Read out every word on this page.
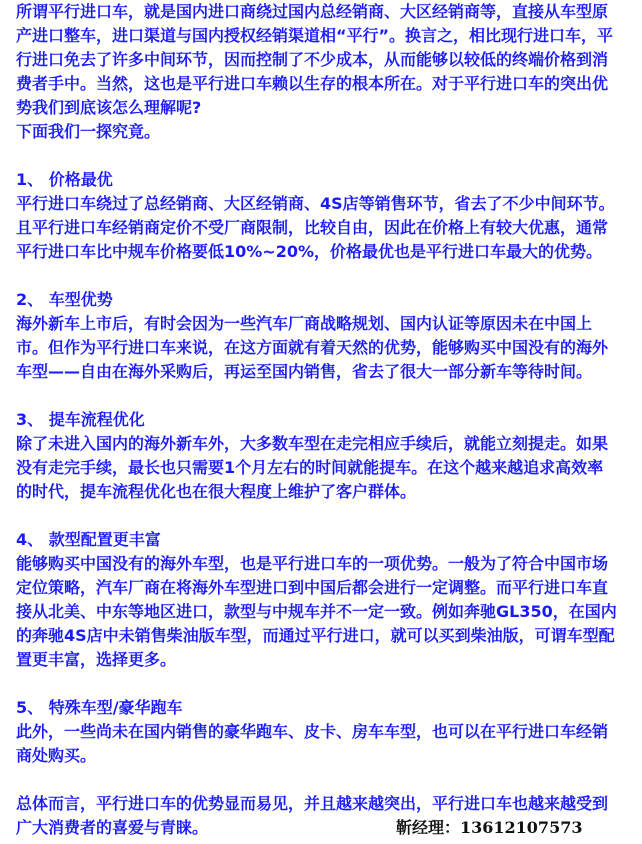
所谓平行进口车，就是国内进口商绕过国内总经销商、大区经销商等，直接从车型原
产进口整车，进口渠道与国内授权经销渠道相“平行”。换言之，相比现行进口车，平
行进口免去了许多中间环节，因而控制了不少成本，从而能够以较低的终端价格到消
费者手中。当然，这也是平行进口车赖以生存的根本所在。对于平行进口车的突出优
势我们到底该怎么理解呢?
下面我们一探究竟。
1、 价格最优
平行进口车绕过了总经销商、大区经销商、4S店等销售环节，省去了不少中间环节。
且平行进口车经销商定价不受厂商限制，比较自由，因此在价格上有较大优惠，通常
平行进口车比中规车价格要低10%~20%，价格最优也是平行进口车最大的优势。
2、 车型优势
海外新车上市后，有时会因为一些汽车厂商战略规划、国内认证等原因未在中国上
市。但作为平行进口车来说，在这方面就有着天然的优势，能够购买中国没有的海外
车型——自由在海外采购后，再运至国内销售，省去了很大一部分新车等待时间。
3、 提车流程优化
除了未进入国内的海外新车外，大多数车型在走完相应手续后，就能立刻提走。如果
没有走完手续，最长也只需要1个月左右的时间就能提车。在这个越来越追求高效率
的时代，提车流程优化也在很大程度上维护了客户群体。
4、 款型配置更丰富
能够购买中国没有的海外车型，也是平行进口车的一项优势。一般为了符合中国市场
定位策略，汽车厂商在将海外车型进口到中国后都会进行一定调整。而平行进口车直
接从北美、中东等地区进口，款型与中规车并不一定一致。例如奔驰GL350，在国内
的奔驰4S店中未销售柴油版车型，而通过平行进口，就可以买到柴油版，可谓车型配
置更丰富，选择更多。
5、 特殊车型/豪华跑车
此外，一些尚未在国内销售的豪华跑车、皮卡、房车车型，也可以在平行进口车经销
商处购买。
总体而言，平行进口车的优势显而易见，并且越来越突出，平行进口车也越来越受到
广大消费者的喜爱与青睐。	靳经理：13612107573
